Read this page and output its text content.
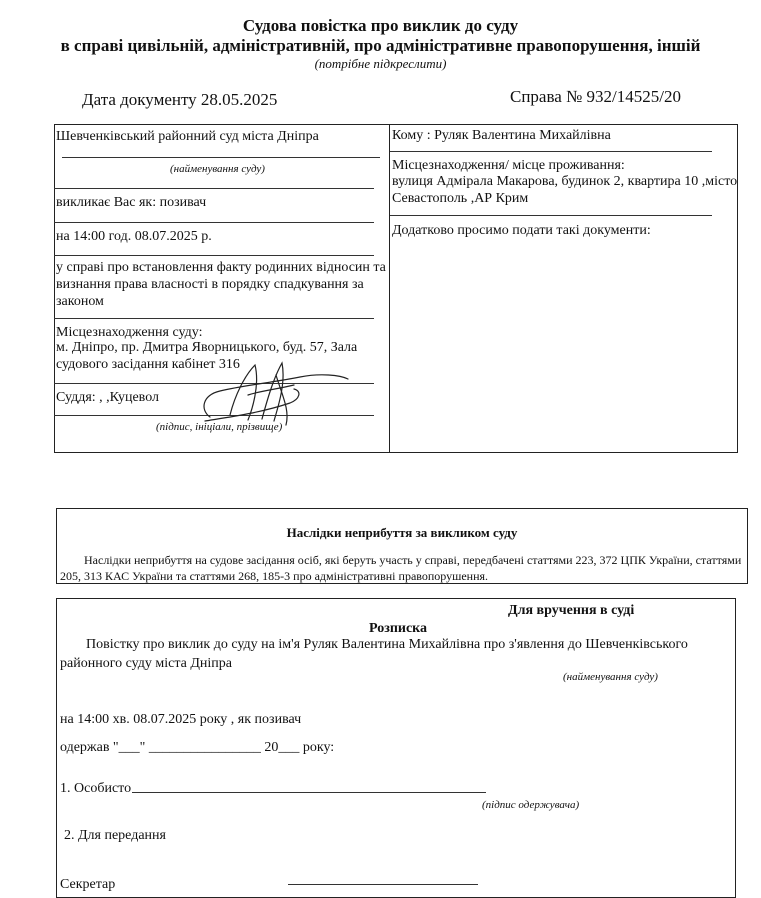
Судова повістка про виклик до суду
в справі цивільній, адміністративній, про адміністративне правопорушення, іншій
(потрібне підкреслити)
Дата документу 28.05.2025	Справа № 932/14525/20
Шевченківський районний суд міста Дніпра
(найменування суду)
викликає Вас як: позивач
на 14:00 год. 08.07.2025 р.
у справі про встановлення факту родинних відносин та визнання права власності в порядку спадкування за законом
Місцезнаходження суду:
м. Дніпро, пр. Дмитра Яворницького, буд. 57, Зала судового засідання кабінет 316
Суддя: , ,Куцевол
(підпис, ініціали, прізвище)
Кому : Руляк Валентина Михайлівна
Місцезнаходження/ місце проживання:
вулиця Адмірала Макарова, будинок 2, квартира 10 ,місто
Севастополь ,АР Крим
Додатково просимо подати такі документи:
Наслідки неприбуття за викликом суду
Наслідки неприбуття на судове засідання осіб, які беруть участь у справі, передбачені статтями 223, 372 ЦПК України, статтями 205, 313 КАС України та статтями 268, 185-3 про адміністративні правопорушення.
Для вручення в суді
Розписка
Повістку про виклик до суду на ім'я Руляк Валентина Михайлівна про з'явлення до Шевченківського
районного суду міста Дніпра
(найменування суду)
на 14:00 хв. 08.07.2025 року , як позивач
одержав "___" ________________ 20___ року:
1. Особисто
(підпис одержувача)
2. Для передання
Секретар
